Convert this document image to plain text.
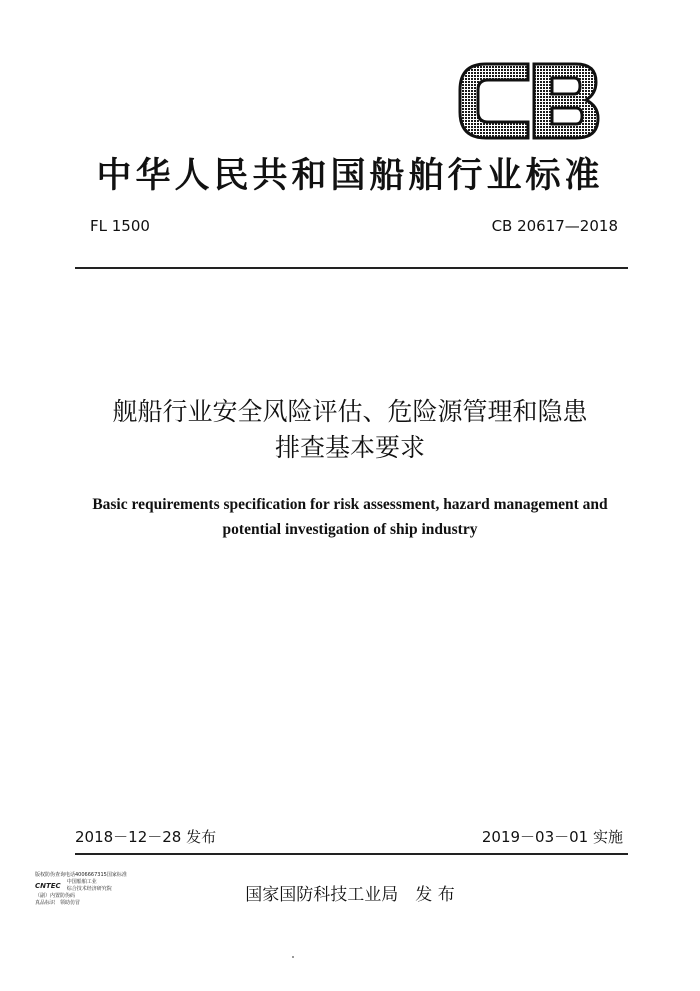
中华人民共和国船舶行业标准
FL 1500	CB 20617—2018
舰船行业安全风险评估、危险源管理和隐患
排查基本要求
Basic requirements specification for risk assessment, hazard management and
potential investigation of ship industry
2018－12－28 发布	2019－03－01 实施
版权防伪查询电话4006667315国家标准
CNTEC 中国船舶工业
综合技术经济研究院
（副）内置防伪码
真品标识　领助仿冒	国家国防科技工业局　发 布
